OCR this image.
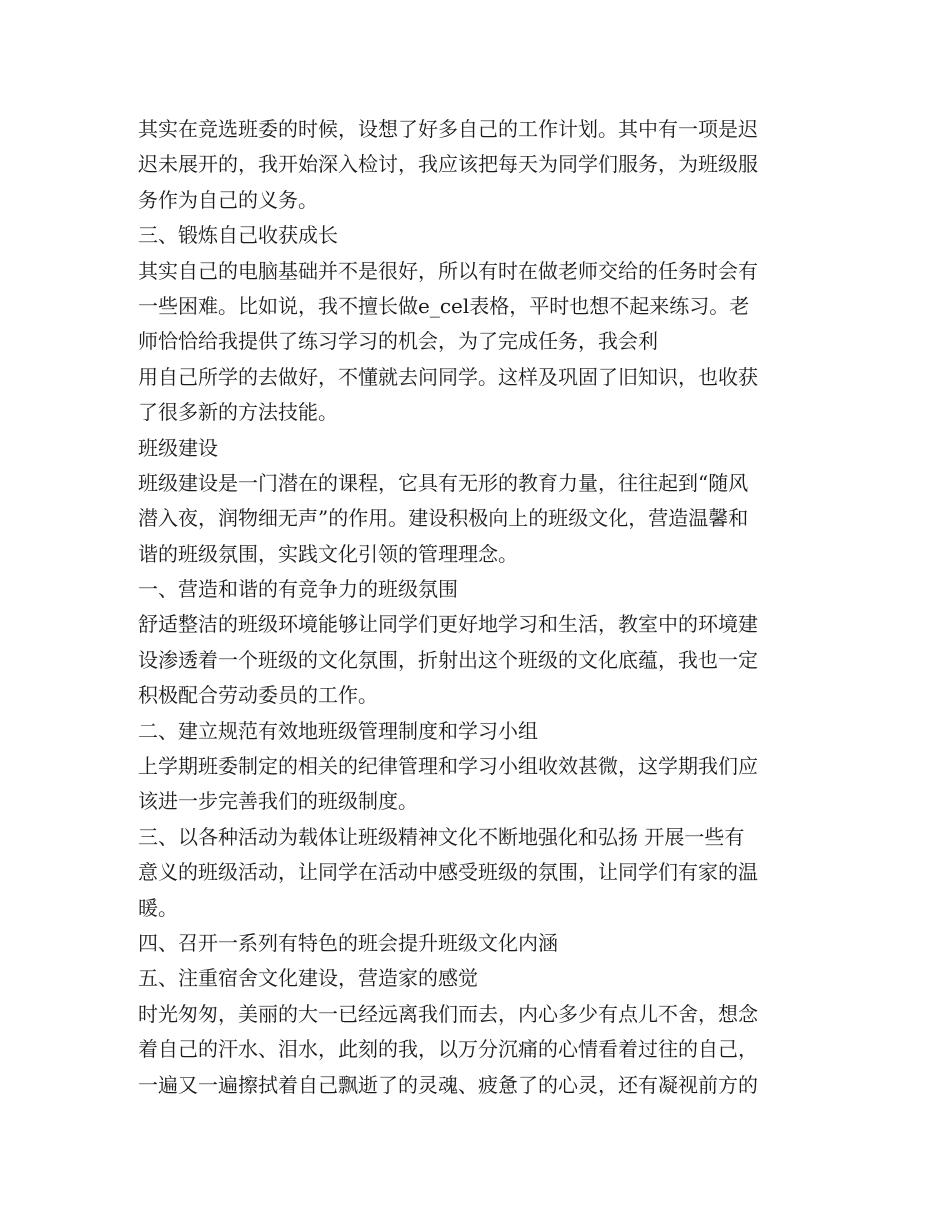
其实在竞选班委的时候，设想了好多自己的工作计划。其中有一项是迟
迟未展开的，我开始深入检讨，我应该把每天为同学们服务，为班级服
务作为自己的义务。
三、锻炼自己收获成长
其实自己的电脑基础并不是很好，所以有时在做老师交给的任务时会有
一些困难。比如说，我不擅长做e_cel表格，平时也想不起来练习。老
师恰恰给我提供了练习学习的机会，为了完成任务，我会利
用自己所学的去做好，不懂就去问同学。这样及巩固了旧知识，也收获
了很多新的方法技能。
班级建设
班级建设是一门潜在的课程，它具有无形的教育力量，往往起到“随风
潜入夜，润物细无声”的作用。建设积极向上的班级文化，营造温馨和
谐的班级氛围，实践文化引领的管理理念。
一、营造和谐的有竞争力的班级氛围
舒适整洁的班级环境能够让同学们更好地学习和生活，教室中的环境建
设渗透着一个班级的文化氛围，折射出这个班级的文化底蕴，我也一定
积极配合劳动委员的工作。
二、建立规范有效地班级管理制度和学习小组
上学期班委制定的相关的纪律管理和学习小组收效甚微，这学期我们应
该进一步完善我们的班级制度。
三、以各种活动为载体让班级精神文化不断地强化和弘扬 开展一些有
意义的班级活动，让同学在活动中感受班级的氛围，让同学们有家的温
暖。
四、召开一系列有特色的班会提升班级文化内涵
五、注重宿舍文化建设，营造家的感觉
时光匆匆，美丽的大一已经远离我们而去，内心多少有点儿不舍，想念
着自己的汗水、泪水，此刻的我，以万分沉痛的心情看着过往的自己，
一遍又一遍擦拭着自己飘逝了的灵魂、疲惫了的心灵，还有凝视前方的
